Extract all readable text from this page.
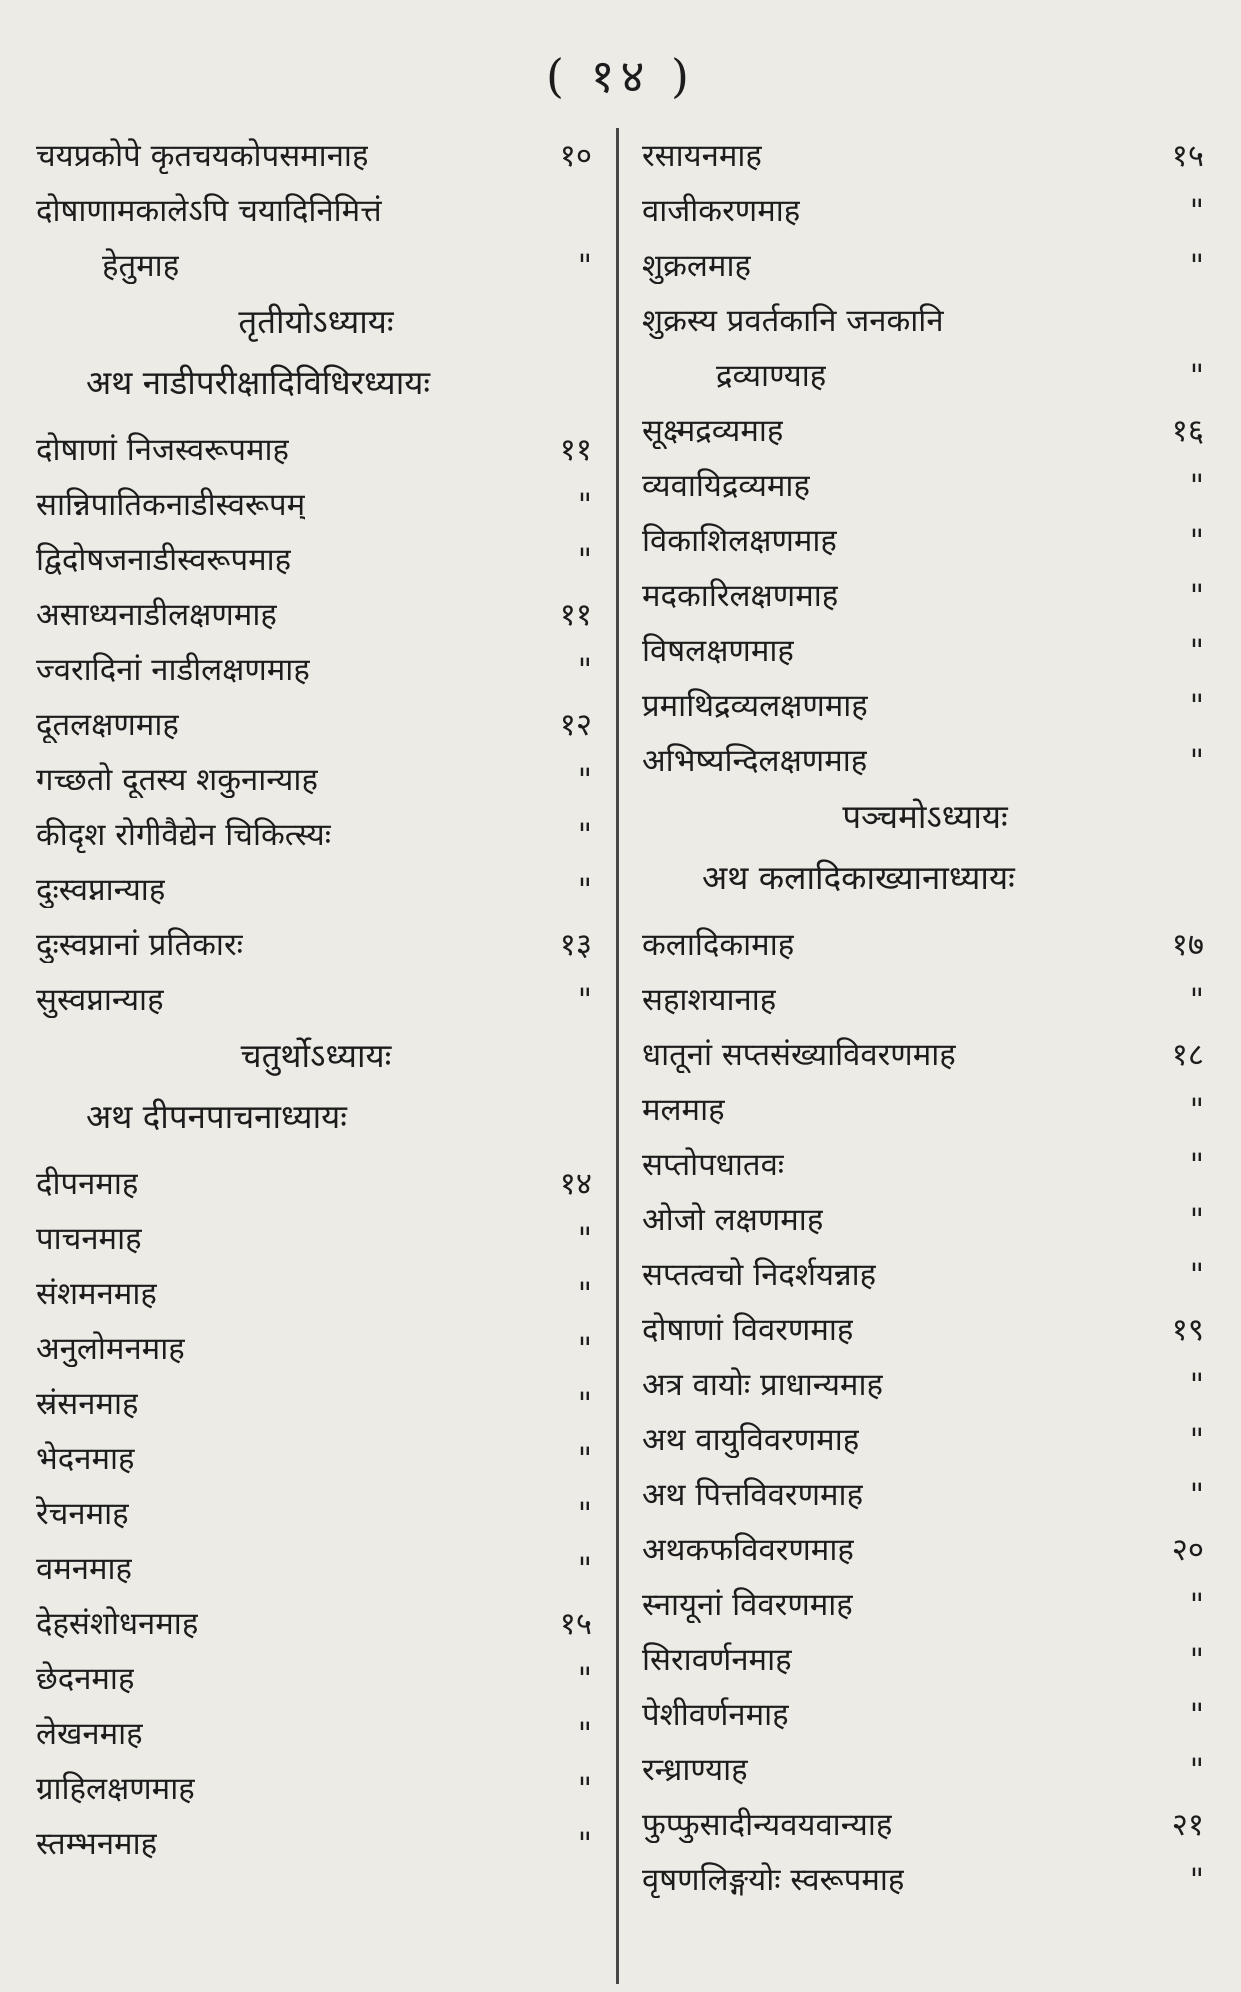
( १४ )
चयप्रकोपे कृतचयकोपसमानाह	१०
दोषाणामकालेऽपि चयादिनिमित्तं
हेतुमाह	"
तृतीयोऽध्यायः
अथ नाडीपरीक्षादिविधिरध्यायः
दोषाणां निजस्वरूपमाह	११
सान्निपातिकनाडीस्वरूपम्	"
द्विदोषजनाडीस्वरूपमाह	"
असाध्यनाडीलक्षणमाह	११
ज्वरादिनां नाडीलक्षणमाह	"
दूतलक्षणमाह	१२
गच्छतो दूतस्य शकुनान्याह	"
कीदृश रोगीवैद्येन चिकित्स्यः	"
दुःस्वप्नान्याह	"
दुःस्वप्नानां प्रतिकारः	१३
सुस्वप्नान्याह	"
चतुर्थोऽध्यायः
अथ दीपनपाचनाध्यायः
दीपनमाह	१४
पाचनमाह	"
संशमनमाह	"
अनुलोमनमाह	"
स्रंसनमाह	"
भेदनमाह	"
रेचनमाह	"
वमनमाह	"
देहसंशोधनमाह	१५
छेदनमाह	"
लेखनमाह	"
ग्राहिलक्षणमाह	"
स्तम्भनमाह	"
रसायनमाह	१५
वाजीकरणमाह	"
शुक्रलमाह	"
शुक्रस्य प्रवर्तकानि जनकानि
द्रव्याण्याह	"
सूक्ष्मद्रव्यमाह	१६
व्यवायिद्रव्यमाह	"
विकाशिलक्षणमाह	"
मदकारिलक्षणमाह	"
विषलक्षणमाह	"
प्रमाथिद्रव्यलक्षणमाह	"
अभिष्यन्दिलक्षणमाह	"
पञ्चमोऽध्यायः
अथ कलादिकाख्यानाध्यायः
कलादिकामाह	१७
सहाशयानाह	"
धातूनां सप्तसंख्याविवरणमाह	१८
मलमाह	"
सप्तोपधातवः	"
ओजो लक्षणमाह	"
सप्तत्वचो निदर्शयन्नाह	"
दोषाणां विवरणमाह	१९
अत्र वायोः प्राधान्यमाह	"
अथ वायुविवरणमाह	"
अथ पित्तविवरणमाह	"
अथकफविवरणमाह	२०
स्नायूनां विवरणमाह	"
सिरावर्णनमाह	"
पेशीवर्णनमाह	"
रन्ध्राण्याह	"
फुप्फुसादीन्यवयवान्याह	२१
वृषणलिङ्गयोः स्वरूपमाह	"
